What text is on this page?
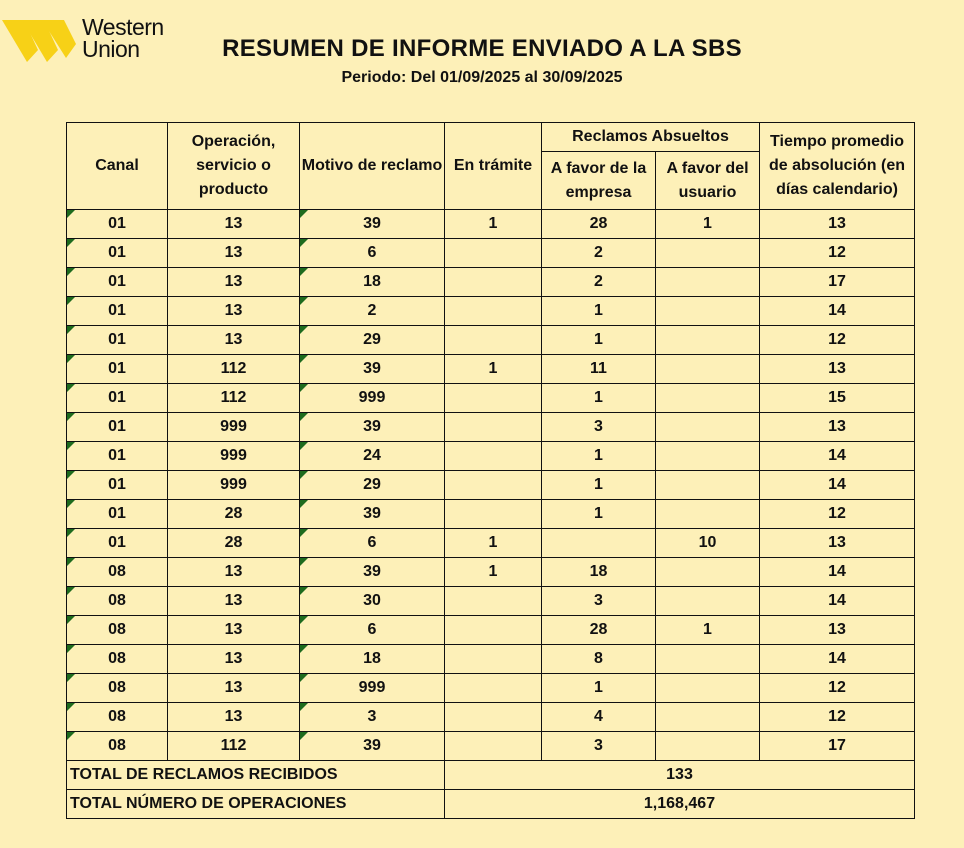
Western
Union	RESUMEN DE INFORME ENVIADO A LA SBS
Periodo: Del 01/09/2025 al 30/09/2025
Canal	Operación, servicio o producto	Motivo de reclamo	En trámite	Reclamos Absueltos		Tiempo promedio de absolución (en días calendario)
				A favor de la empresa	A favor del usuario	
01	13	39	1	28	1	13
01	13	6		2		12
01	13	18		2		17
01	13	2		1		14
01	13	29		1		12
01	112	39	1	11		13
01	112	999		1		15
01	999	39		3		13
01	999	24		1		14
01	999	29		1		14
01	28	39		1		12
01	28	6	1		10	13
08	13	39	1	18		14
08	13	30		3		14
08	13	6		28	1	13
08	13	18		8		14
08	13	999		1		12
08	13	3		4		12
08	112	39		3		17
TOTAL DE RECLAMOS RECIBIDOS			133			
TOTAL NÚMERO DE OPERACIONES			1,168,467			
